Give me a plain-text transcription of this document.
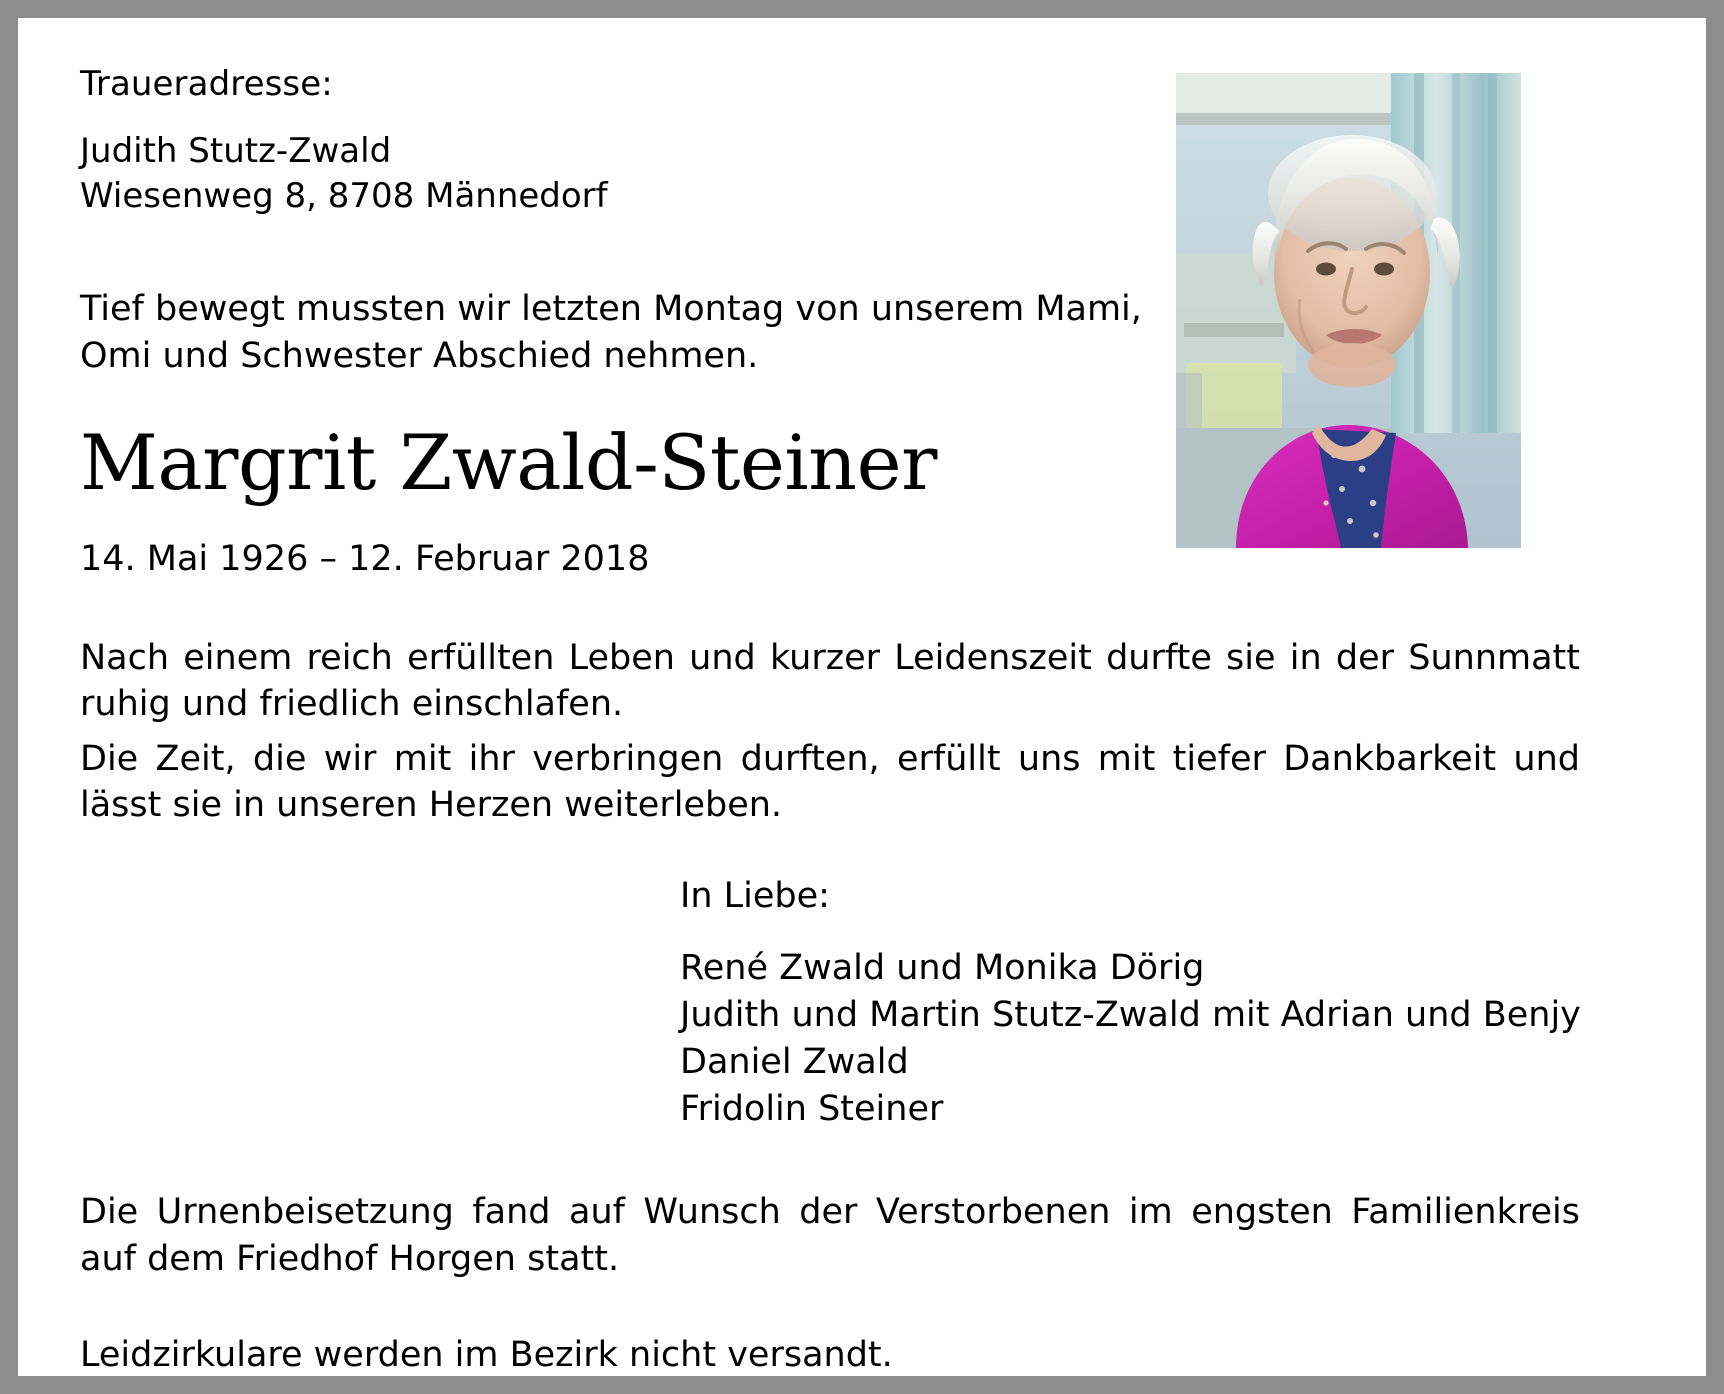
Traueradresse:
Judith Stutz-Zwald
Wiesenweg 8, 8708 Männedorf
Tief bewegt mussten wir letzten Montag von unserem Mami,
Omi und Schwester Abschied nehmen.
Margrit Zwald-Steiner
14. Mai 1926 – 12. Februar 2018

Nach einem reich erfüllten Leben und kurzer Leidenszeit durfte sie in der Sunnmatt ruhig und friedlich einschlafen.

Die Zeit, die wir mit ihr verbringen durften, erfüllt uns mit tiefer Dankbarkeit und lässt sie in unseren Herzen weiterleben.

In Liebe:
René Zwald und Monika Dörig
Judith und Martin Stutz-Zwald mit Adrian und Benjy
Daniel Zwald
Fridolin Steiner
Die Urnenbeisetzung fand auf Wunsch der Verstorbenen im engsten Familienkreis auf dem Friedhof Horgen statt.
Leidzirkulare werden im Bezirk nicht versandt.
